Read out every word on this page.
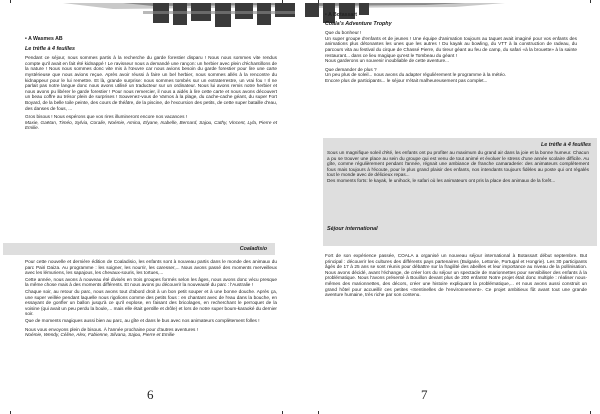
• A Wasmes AB

Le trèfle à 4 feuilles

Pendant ce séjour, nous sommes partis à la recherche du garde forestier disparu ! Nous nous sommes vite rendus compte qu'il avait en fait été kidnappé ! Le ravisseur nous a demandé une rançon: un herbier avec plein d'échantillons de la nature ! Nous nous sommes donc vite mis à l'œuvre car nous avions besoin du garde forestier pour lire une carte mystérieuse que nous avions reçue. Après avoir réussi à faire un bel herbier, nous sommes allés à la rencontre du kidnappeur pour le lui remettre. Et là, grande surprise: nous sommes tombés sur un extraterrestre, un vrai fou ! Il ne parlait pas notre langue donc nous avons utilisé un traducteur sur un ordinateur. Nous lui avons remis notre herbier et nous avons pu libérer le garde forestier ! Pour nous remercier, il nous a aidés à lire cette carte et nous avons découvert un beau coffre au trésor plein de surprises ! Souvenez-vous de Varnos à la plage, du cache-cache géant, du super Fort Boyard, de la belle toile peinte, des cours de théâtre, de la piscine, de l'excursion des petits, de cette super bataille d'eau, des danses de fous, ...

Gros bisous ! Nous espérons que vos rires illumineront encore nos vacances !

Maxie, Gaëtan, Timéo, Sylvia, Coralie, Noémie, Amina, Elyane, Isabelle, Bernard, Sajou, Cathy, Vincent, Lyla, Pierre et Emilie.

Coaladisio

Pour cette nouvelle et dernière édition de Coaladisio, les enfants sont à nouveau partis dans le monde des animaux du parc Pairi Daiza. Au programme : les soigner, les nourrir, les caresser,... Nous avons passé des moments merveilleux avec les lémuriens, les sapajous, les chevaux-souris, les tortues,...

Cette année, nous avons à nouveau été divisés en trois groupes formés selon les âges, nous avons donc vécu presque la même chose mais à des moments différents. Et nous avons pu découvrir la nouveauté du parc : l'Australie !

Chaque soir, au retour du parc, nous avons tout d'abord droit à un bon petit souper et à une bonne douche. Après ça, une super veillée pendant laquelle nous rigolions comme des petits fous : en chantant avec de l'eau dans la bouche, en essayant de gonfler un ballon jusqu'à ce qu'il explose, en faisant des bricolages, en recherchant le perroquet de la voisine (qui avait un peu perdu la boule,... mais elle était gentille et drôle) et lors de notre super boum-karaoké du dernier soir.

Que de moments magiques aussi bien au parc, au gîte et dans le bus avec nos animateurs complètement folles !

Nous vous envoyons plein de bisous. À l'année prochaine pour d'autres aventures !

Noémie, Wendy, Céline, Alex, Fabienne, Silvana, Sajou, Pierre et Emilie

6

• A Botassart

Coala's Adventure Trophy

Que du bonheur !

Un super groupe d'enfants et de jeunes ! Une équipe d'animation toujours au taquet avait imaginé pour vos enfants des animations plus détonantes les unes que les autres ! Du kayak au bowling, du VTT à la construction de radeau, du parcours vita au festival du cirque de Chassé Pierre, du tireur géant au feu de camp, du safari «à la brouette» à la sainte restaurant... dans ce lieu magique qu'est le Tombeau du géant !

Nous garderons un souvenir inoubliable de cette aventure...

Que demander de plus ?

Un peu plus de soleil... nous avons du adapter régulièrement le programme à la météo.

Encore plus de participants... le séjour n'était malheureusement pas complet...

Le trèfle à 4 feuilles

Sous un magnifique soleil d'été, les enfants ont pu profiter au maximum du grand air dans la joie et la bonne humeur. Chacun a pu se trouver une place au sein du groupe qui est venu de tout animé et évoluer le stress d'une année scolaire difficile. Au gîte, comme régulièrement pendant l'année, régnait une ambiance de franche camaraderie: des animateurs complètement fous mais toujours à l'écoute, pour le plus grand plaisir des enfants, nos intendants toujours fidèles au poste qui ont régalés tout le monde avec de délicieux repas...

Des moments forts: le kayak, le unihock, le safari où les animateurs ont pris la place des animaux de la forêt...

Séjour international

Fort de son expérience passée, COALA a organisé un nouveau séjour international à Botassart début septembre. But principal : découvrir les cultures des différents pays partenaires (Bulgarie, Lettonie, Portugal et Hongrie). Les 30 participants âgés de 17 à 25 ans se sont réunis pour débattre sur la fragilité des abeilles et leur importance au niveau de la pollinisation. Nous avons décidé, avant l'échange, de créer lors du séjour un spectacle de marionnettes pour sensibiliser des enfants à la problématique. Nous l'avons présenté à Bouillon devant plus de 200 enfants! Notre projet était donc multiple : réaliser nous-mêmes des marionnettes, des décors, créer une histoire expliquant la problématique,... et nous avons aussi construit un grand hôtel pour accueillir ces petites «Sentinelles de l'environnement». Ce projet ambitieux fût avant tout une grande aventure humaine, très riche par son contenu.

7
